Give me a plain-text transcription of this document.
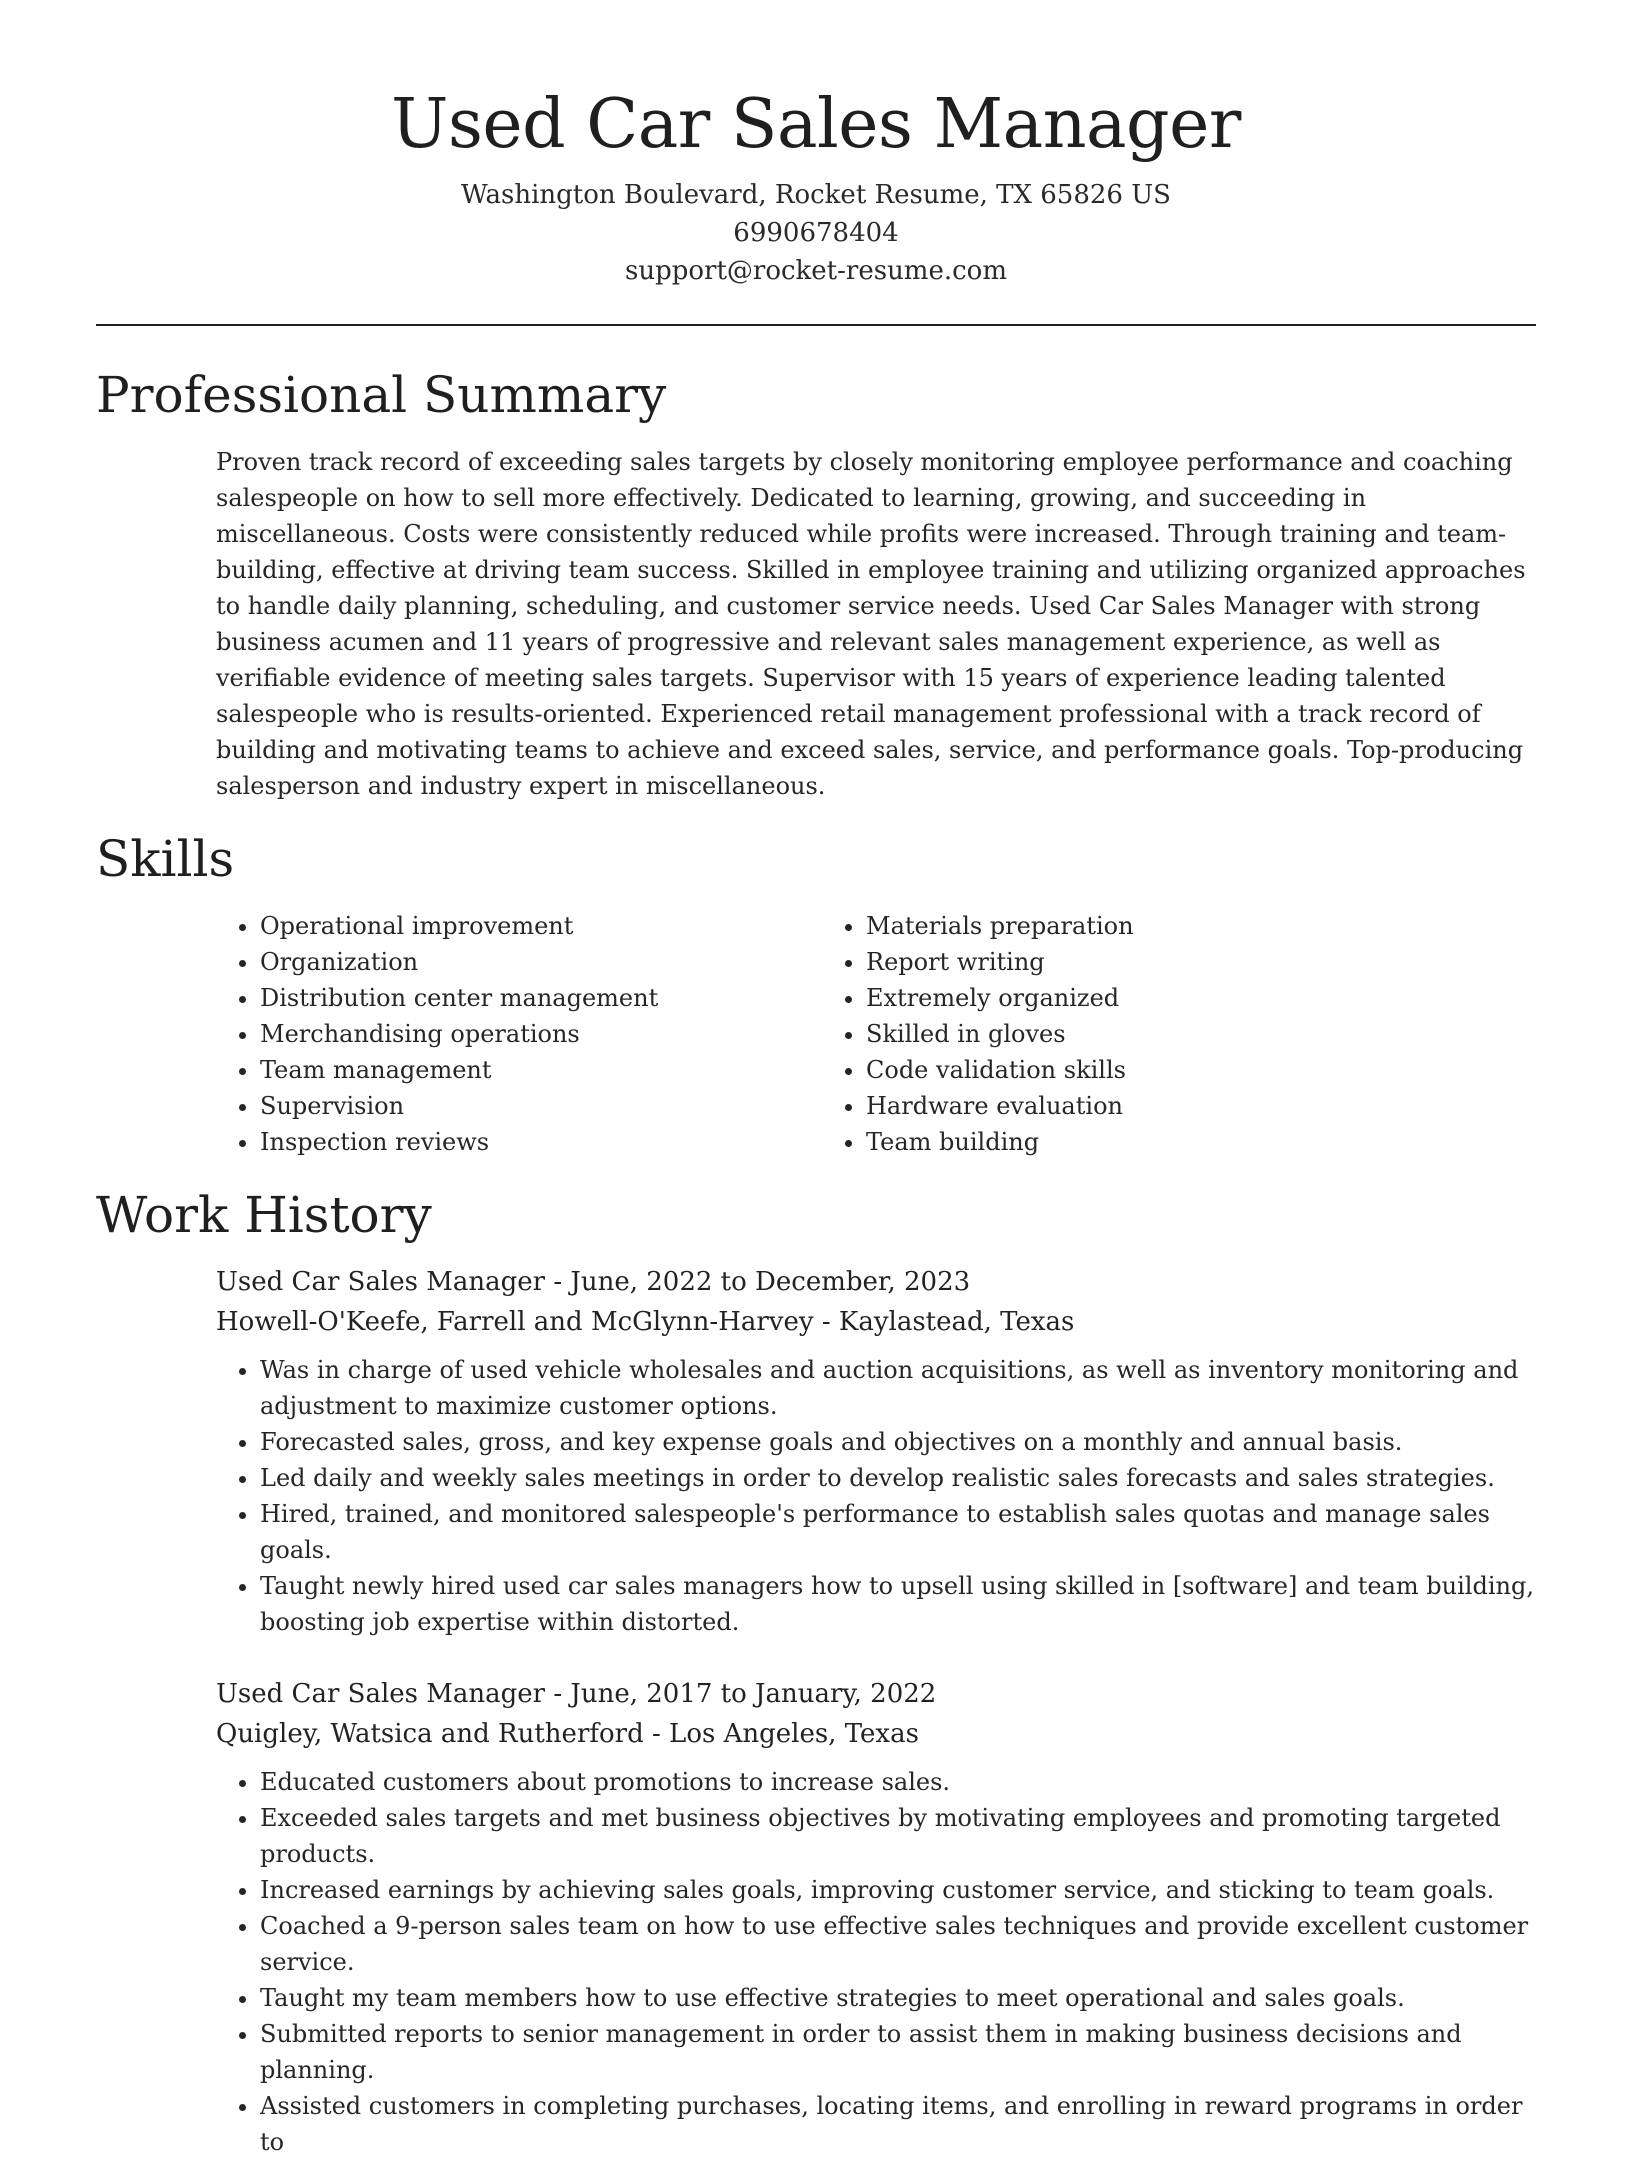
Used Car Sales Manager
Washington Boulevard, Rocket Resume, TX 65826 US
6990678404
support@rocket-resume.com
Professional Summary

Proven track record of exceeding sales targets by closely monitoring employee performance and coaching salespeople on how to sell more effectively. Dedicated to learning, growing, and succeeding in miscellaneous. Costs were consistently reduced while profits were increased. Through training and team-building, effective at driving team success. Skilled in employee training and utilizing organized approaches to handle daily planning, scheduling, and customer service needs. Used Car Sales Manager with strong business acumen and 11 years of progressive and relevant sales management experience, as well as verifiable evidence of meeting sales targets. Supervisor with 15 years of experience leading talented salespeople who is results-oriented. Experienced retail management professional with a track record of building and motivating teams to achieve and exceed sales, service, and performance goals. Top-producing salesperson and industry expert in miscellaneous.

Skills
• Operational improvement
• Organization
• Distribution center management
• Merchandising operations
• Team management
• Supervision
• Inspection reviews
• Materials preparation
• Report writing
• Extremely organized
• Skilled in gloves
• Code validation skills
• Hardware evaluation
• Team building
Work History
Used Car Sales Manager - June, 2022 to December, 2023
Howell-O'Keefe, Farrell and McGlynn-Harvey - Kaylastead, Texas
• Was in charge of used vehicle wholesales and auction acquisitions, as well as inventory monitoring and adjustment to maximize customer options.
• Forecasted sales, gross, and key expense goals and objectives on a monthly and annual basis.
• Led daily and weekly sales meetings in order to develop realistic sales forecasts and sales strategies.
• Hired, trained, and monitored salespeople's performance to establish sales quotas and manage sales goals.
• Taught newly hired used car sales managers how to upsell using skilled in [software] and team building, boosting job expertise within distorted.
Used Car Sales Manager - June, 2017 to January, 2022
Quigley, Watsica and Rutherford - Los Angeles, Texas
• Educated customers about promotions to increase sales.
• Exceeded sales targets and met business objectives by motivating employees and promoting targeted products.
• Increased earnings by achieving sales goals, improving customer service, and sticking to team goals.
• Coached a 9-person sales team on how to use effective sales techniques and provide excellent customer service.
• Taught my team members how to use effective strategies to meet operational and sales goals.
• Submitted reports to senior management in order to assist them in making business decisions and planning.
• Assisted customers in completing purchases, locating items, and enrolling in reward programs in order to
